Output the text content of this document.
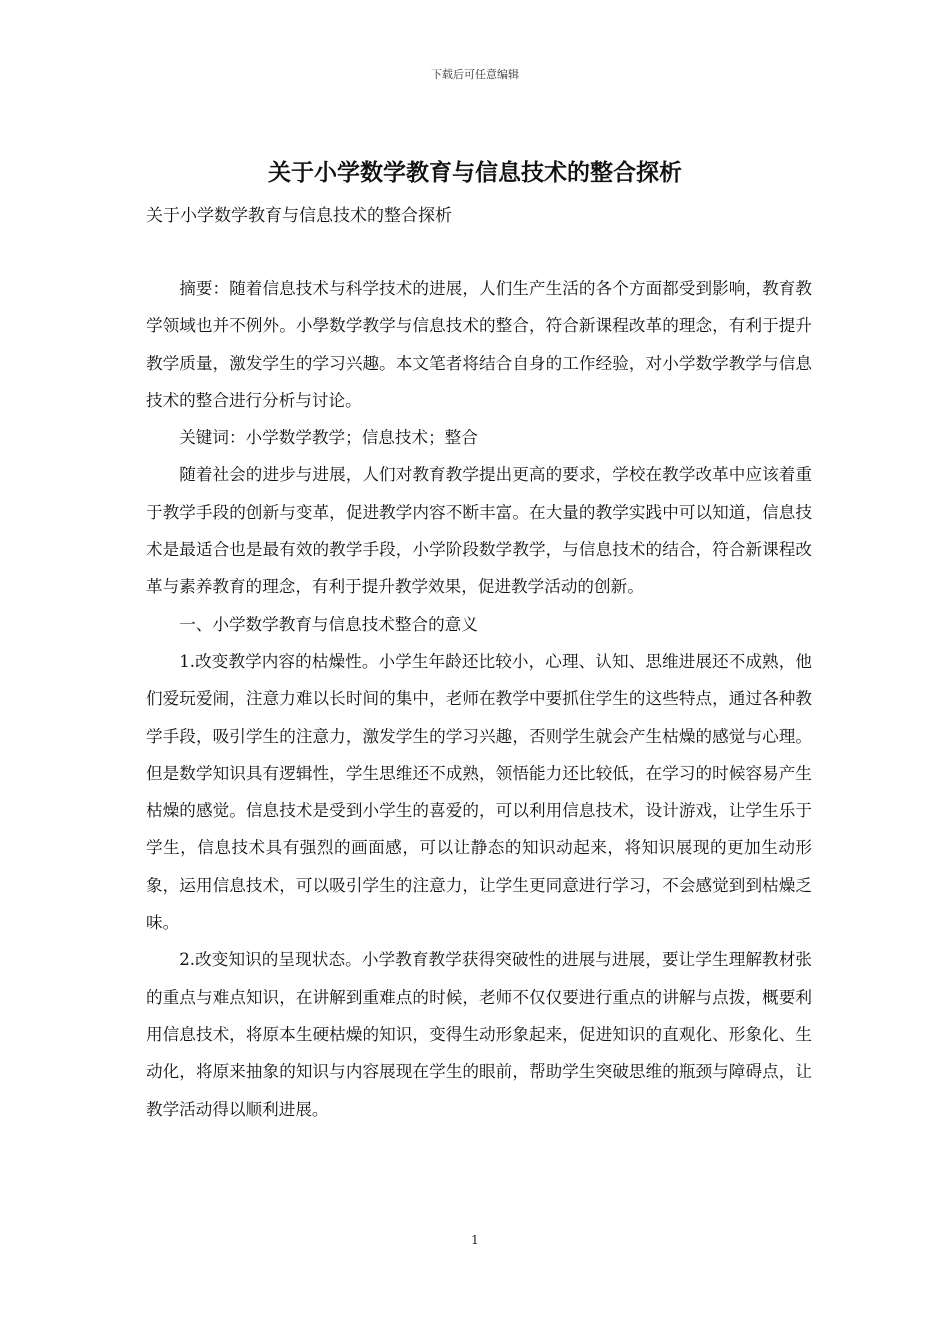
下载后可任意编辑
关于小学数学教育与信息技术的整合探析
关于小学数学教育与信息技术的整合探析

摘要：随着信息技术与科学技术的进展，人们生产生活的各个方面都受到影响，教育教学领域也并不例外。小學数学教学与信息技术的整合，符合新课程改革的理念，有利于提升教学质量，激发学生的学习兴趣。本文笔者将结合自身的工作经验，对小学数学教学与信息技术的整合进行分析与讨论。

关键词：小学数学教学；信息技术；整合

随着社会的进步与进展，人们对教育教学提出更高的要求，学校在教学改革中应该着重于教学手段的创新与变革，促进教学内容不断丰富。在大量的教学实践中可以知道，信息技术是最适合也是最有效的教学手段，小学阶段数学教学，与信息技术的结合，符合新课程改革与素养教育的理念，有利于提升教学效果，促进教学活动的创新。

一、小学数学教育与信息技术整合的意义

1.改变教学内容的枯燥性。小学生年龄还比较小，心理、认知、思维进展还不成熟，他们爱玩爱闹，注意力难以长时间的集中，老师在教学中要抓住学生的这些特点，通过各种教学手段，吸引学生的注意力，激发学生的学习兴趣，否则学生就会产生枯燥的感觉与心理。但是数学知识具有逻辑性，学生思维还不成熟，领悟能力还比较低，在学习的时候容易产生枯燥的感觉。信息技术是受到小学生的喜爱的，可以利用信息技术，设计游戏，让学生乐于学生，信息技术具有强烈的画面感，可以让静态的知识动起来，将知识展现的更加生动形象，运用信息技术，可以吸引学生的注意力，让学生更同意进行学习，不会感觉到到枯燥乏味。

2.改变知识的呈现状态。小学教育教学获得突破性的进展与进展，要让学生理解教材张的重点与难点知识，在讲解到重难点的时候，老师不仅仅要进行重点的讲解与点拨，概要利用信息技术，将原本生硬枯燥的知识，变得生动形象起来，促进知识的直观化、形象化、生动化，将原来抽象的知识与内容展现在学生的眼前，帮助学生突破思维的瓶颈与障碍点，让教学活动得以顺利进展。

1
